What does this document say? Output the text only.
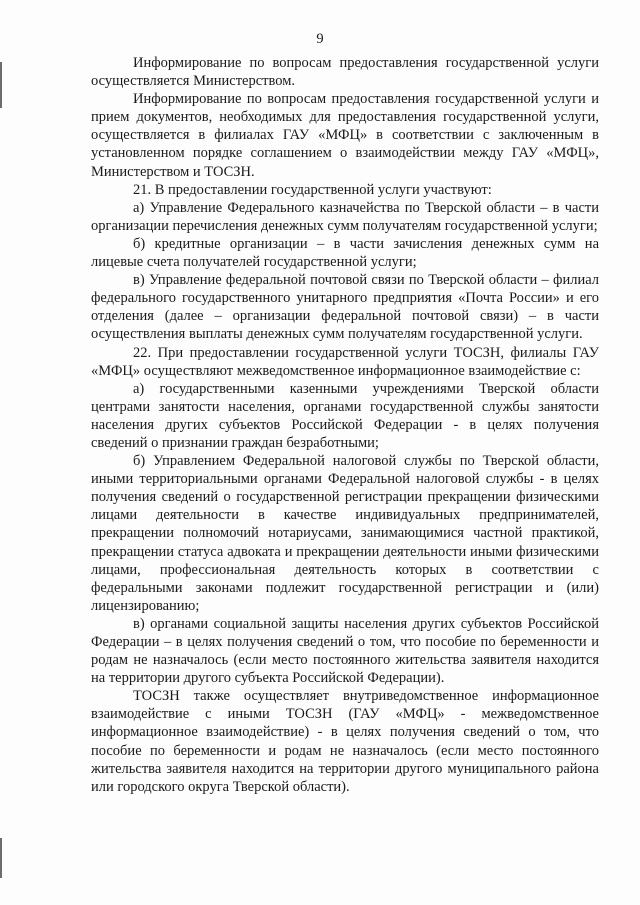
9

Информирование по вопросам предоставления государственной услуги осуществляется Министерством.

Информирование по вопросам предоставления государственной услуги и прием документов, необходимых для предоставления государственной услуги, осуществляется в филиалах ГАУ «МФЦ» в соответствии с заключенным в установленном порядке соглашением о взаимодействии между ГАУ «МФЦ», Министерством и ТОСЗН.

21. В предоставлении государственной услуги участвуют:

а) Управление Федерального казначейства по Тверской области – в части организации перечисления денежных сумм получателям государственной услуги;

б) кредитные организации – в части зачисления денежных сумм на лицевые счета получателей государственной услуги;

в) Управление федеральной почтовой связи по Тверской области – филиал федерального государственного унитарного предприятия «Почта России» и его отделения (далее – организации федеральной почтовой связи) – в части осуществления выплаты денежных сумм получателям государственной услуги.

22. При предоставлении государственной услуги ТОСЗН, филиалы ГАУ «МФЦ» осуществляют межведомственное информационное взаимодействие с:

а) государственными казенными учреждениями Тверской области центрами занятости населения, органами государственной службы занятости населения других субъектов Российской Федерации - в целях получения сведений о признании граждан безработными;

б) Управлением Федеральной налоговой службы по Тверской области, иными территориальными органами Федеральной налоговой службы - в целях получения сведений о государственной регистрации прекращении физическими лицами деятельности в качестве индивидуальных предпринимателей, прекращении полномочий нотариусами, занимающимися частной практикой, прекращении статуса адвоката и прекращении деятельности иными физическими лицами, профессиональная деятельность которых в соответствии с федеральными законами подлежит государственной регистрации и (или) лицензированию;

в) органами социальной защиты населения других субъектов Российской Федерации – в целях получения сведений о том, что пособие по беременности и родам не назначалось (если место постоянного жительства заявителя находится на территории другого субъекта Российской Федерации).

ТОСЗН также осуществляет внутриведомственное информационное взаимодействие с иными ТОСЗН (ГАУ «МФЦ» - межведомственное информационное взаимодействие) - в целях получения сведений о том, что пособие по беременности и родам не назначалось (если место постоянного жительства заявителя находится на территории другого муниципального района или городского округа Тверской области).
